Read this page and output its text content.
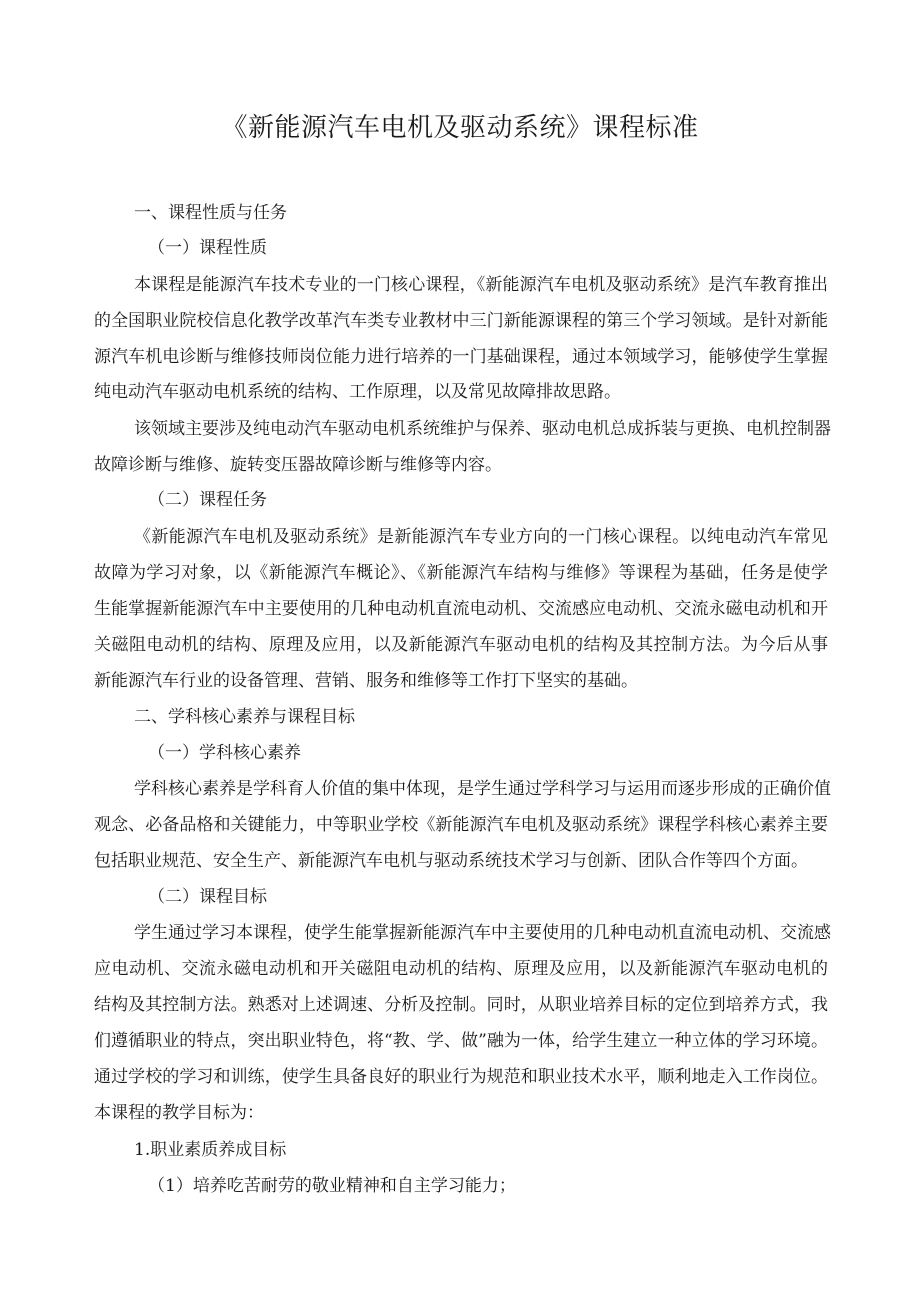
《新能源汽车电机及驱动系统》课程标准
一、课程性质与任务
（一）课程性质
本课程是能源汽车技术专业的一门核心课程，《新能源汽车电机及驱动系统》是汽车教育推出
的全国职业院校信息化教学改革汽车类专业教材中三门新能源课程的第三个学习领域。是针对新能
源汽车机电诊断与维修技师岗位能力进行培养的一门基础课程，通过本领域学习，能够使学生掌握
纯电动汽车驱动电机系统的结构、工作原理，以及常见故障排故思路。
该领域主要涉及纯电动汽车驱动电机系统维护与保养、驱动电机总成拆装与更换、电机控制器
故障诊断与维修、旋转变压器故障诊断与维修等内容。
（二）课程任务
《新能源汽车电机及驱动系统》是新能源汽车专业方向的一门核心课程。以纯电动汽车常见
故障为学习对象，以《新能源汽车概论》、《新能源汽车结构与维修》等课程为基础，任务是使学
生能掌握新能源汽车中主要使用的几种电动机直流电动机、交流感应电动机、交流永磁电动机和开
关磁阻电动机的结构、原理及应用，以及新能源汽车驱动电机的结构及其控制方法。为今后从事
新能源汽车行业的设备管理、营销、服务和维修等工作打下坚实的基础。
二、学科核心素养与课程目标
（一）学科核心素养
学科核心素养是学科育人价值的集中体现，是学生通过学科学习与运用而逐步形成的正确价值
观念、必备品格和关键能力，中等职业学校《新能源汽车电机及驱动系统》课程学科核心素养主要
包括职业规范、安全生产、新能源汽车电机与驱动系统技术学习与创新、团队合作等四个方面。
（二）课程目标
学生通过学习本课程，使学生能掌握新能源汽车中主要使用的几种电动机直流电动机、交流感
应电动机、交流永磁电动机和开关磁阻电动机的结构、原理及应用，以及新能源汽车驱动电机的
结构及其控制方法。熟悉对上述调速、分析及控制。同时，从职业培养目标的定位到培养方式，我
们遵循职业的特点，突出职业特色，将“教、学、做”融为一体，给学生建立一种立体的学习环境。
通过学校的学习和训练，使学生具备良好的职业行为规范和职业技术水平，顺利地走入工作岗位。
本课程的教学目标为：
1.职业素质养成目标
（1）培养吃苦耐劳的敬业精神和自主学习能力；
